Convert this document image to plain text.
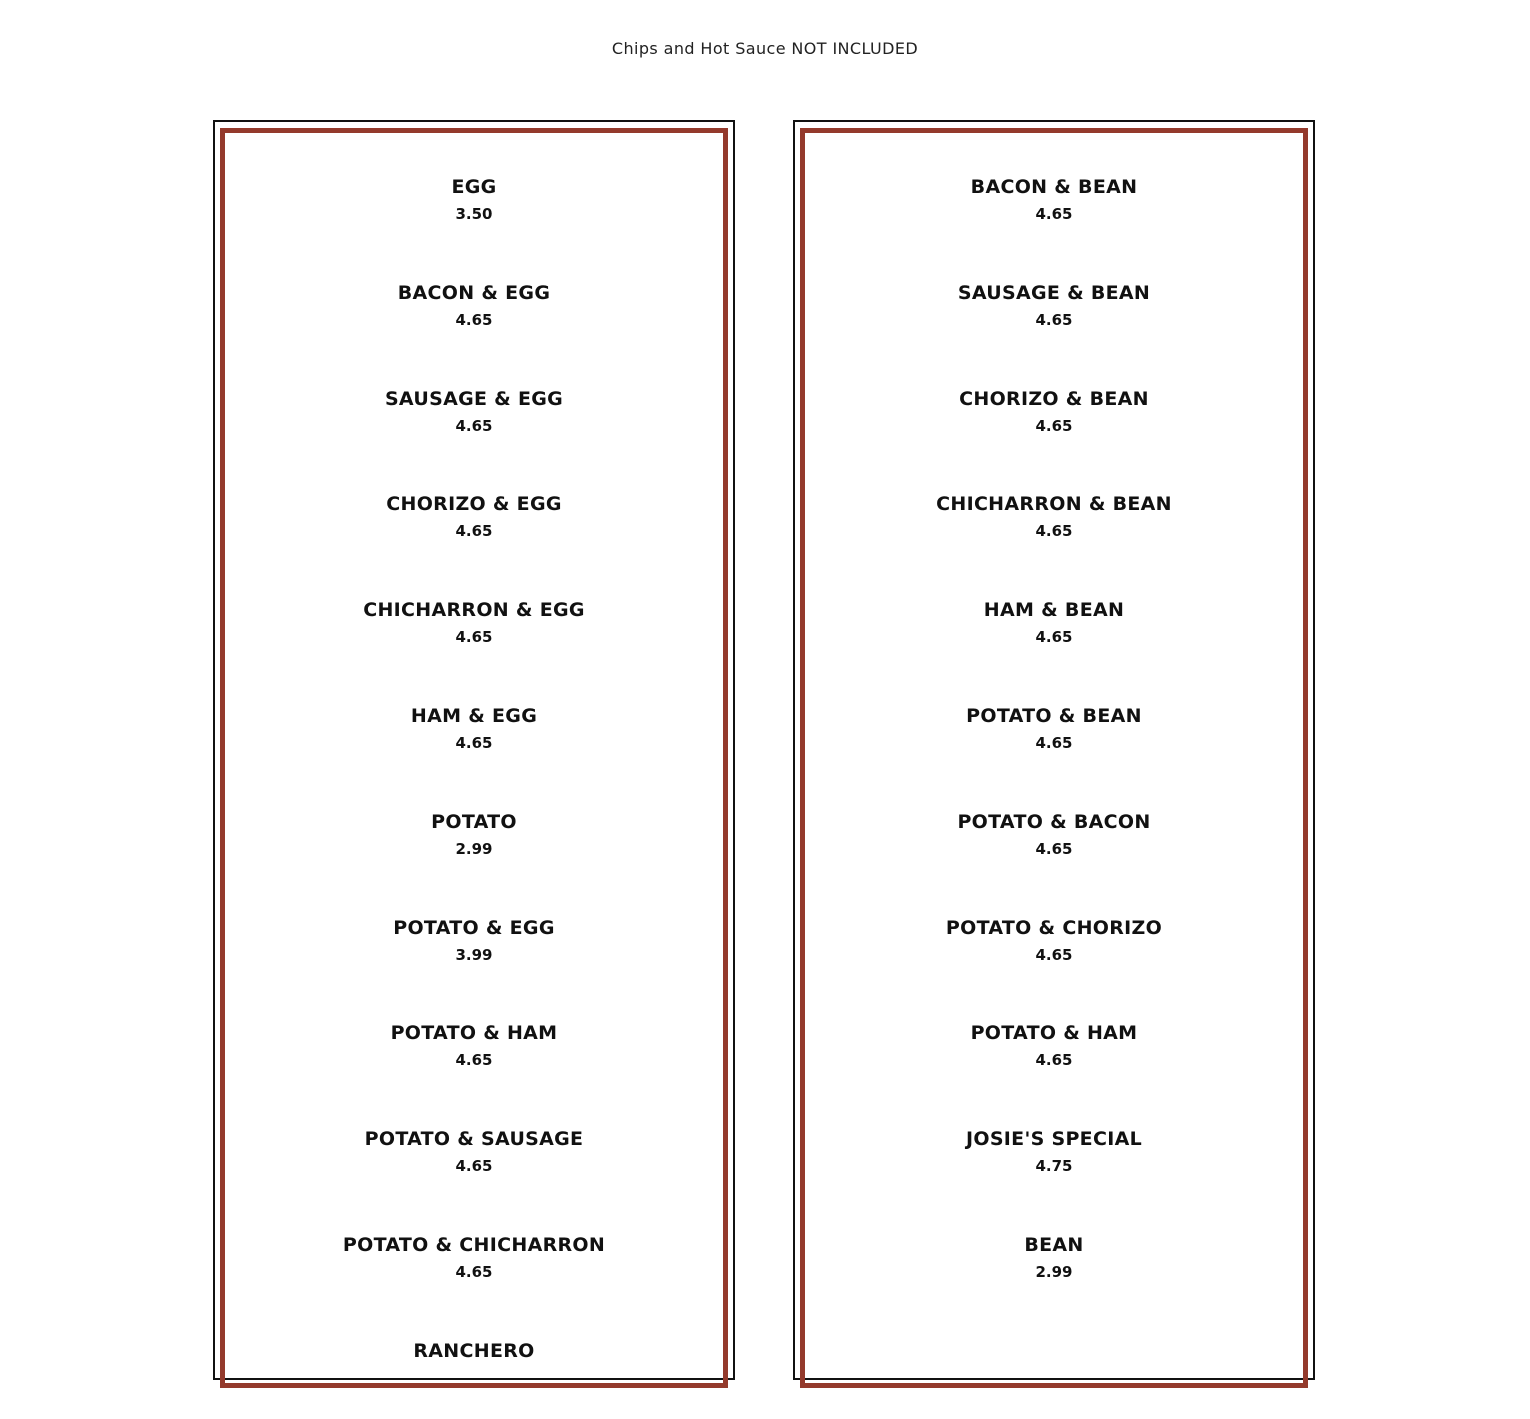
Chips and Hot Sauce NOT INCLUDED
EGG
3.50
BACON & EGG
4.65
SAUSAGE & EGG
4.65
CHORIZO & EGG
4.65
CHICHARRON & EGG
4.65
HAM & EGG
4.65
POTATO
2.99
POTATO & EGG
3.99
POTATO & HAM
4.65
POTATO & SAUSAGE
4.65
POTATO & CHICHARRON
4.65
RANCHERO
BACON & BEAN
4.65
SAUSAGE & BEAN
4.65
CHORIZO & BEAN
4.65
CHICHARRON & BEAN
4.65
HAM & BEAN
4.65
POTATO & BEAN
4.65
POTATO & BACON
4.65
POTATO & CHORIZO
4.65
POTATO & HAM
4.65
JOSIE'S SPECIAL
4.75
BEAN
2.99
